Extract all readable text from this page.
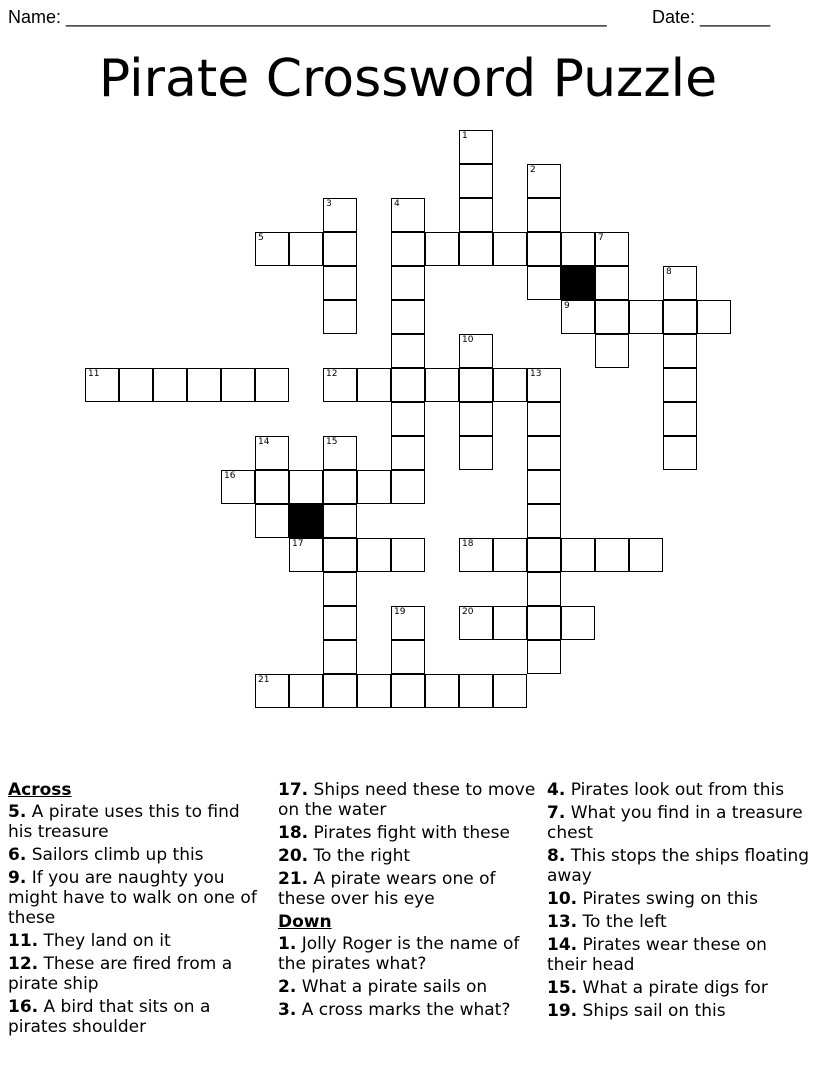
Name: ______________________________________________________	Date: _______
Pirate Crossword Puzzle
1
2
3	4
5	7
8
9
10
11	12	13
14	15
16
17	18
19	20
21

Across

5. A pirate uses this to find his treasure

6. Sailors climb up this

9. If you are naughty you might have to walk on one of these

11. They land on it

12. These are fired from a pirate ship

16. A bird that sits on a pirates shoulder

17. Ships need these to move on the water

18. Pirates fight with these

20. To the right

21. A pirate wears one of these over his eye

Down

1. Jolly Roger is the name of the pirates what?

2. What a pirate sails on

3. A cross marks the what?

4. Pirates look out from this

7. What you find in a treasure chest

8. This stops the ships floating away

10. Pirates swing on this

13. To the left

14. Pirates wear these on their head

15. What a pirate digs for

19. Ships sail on this
